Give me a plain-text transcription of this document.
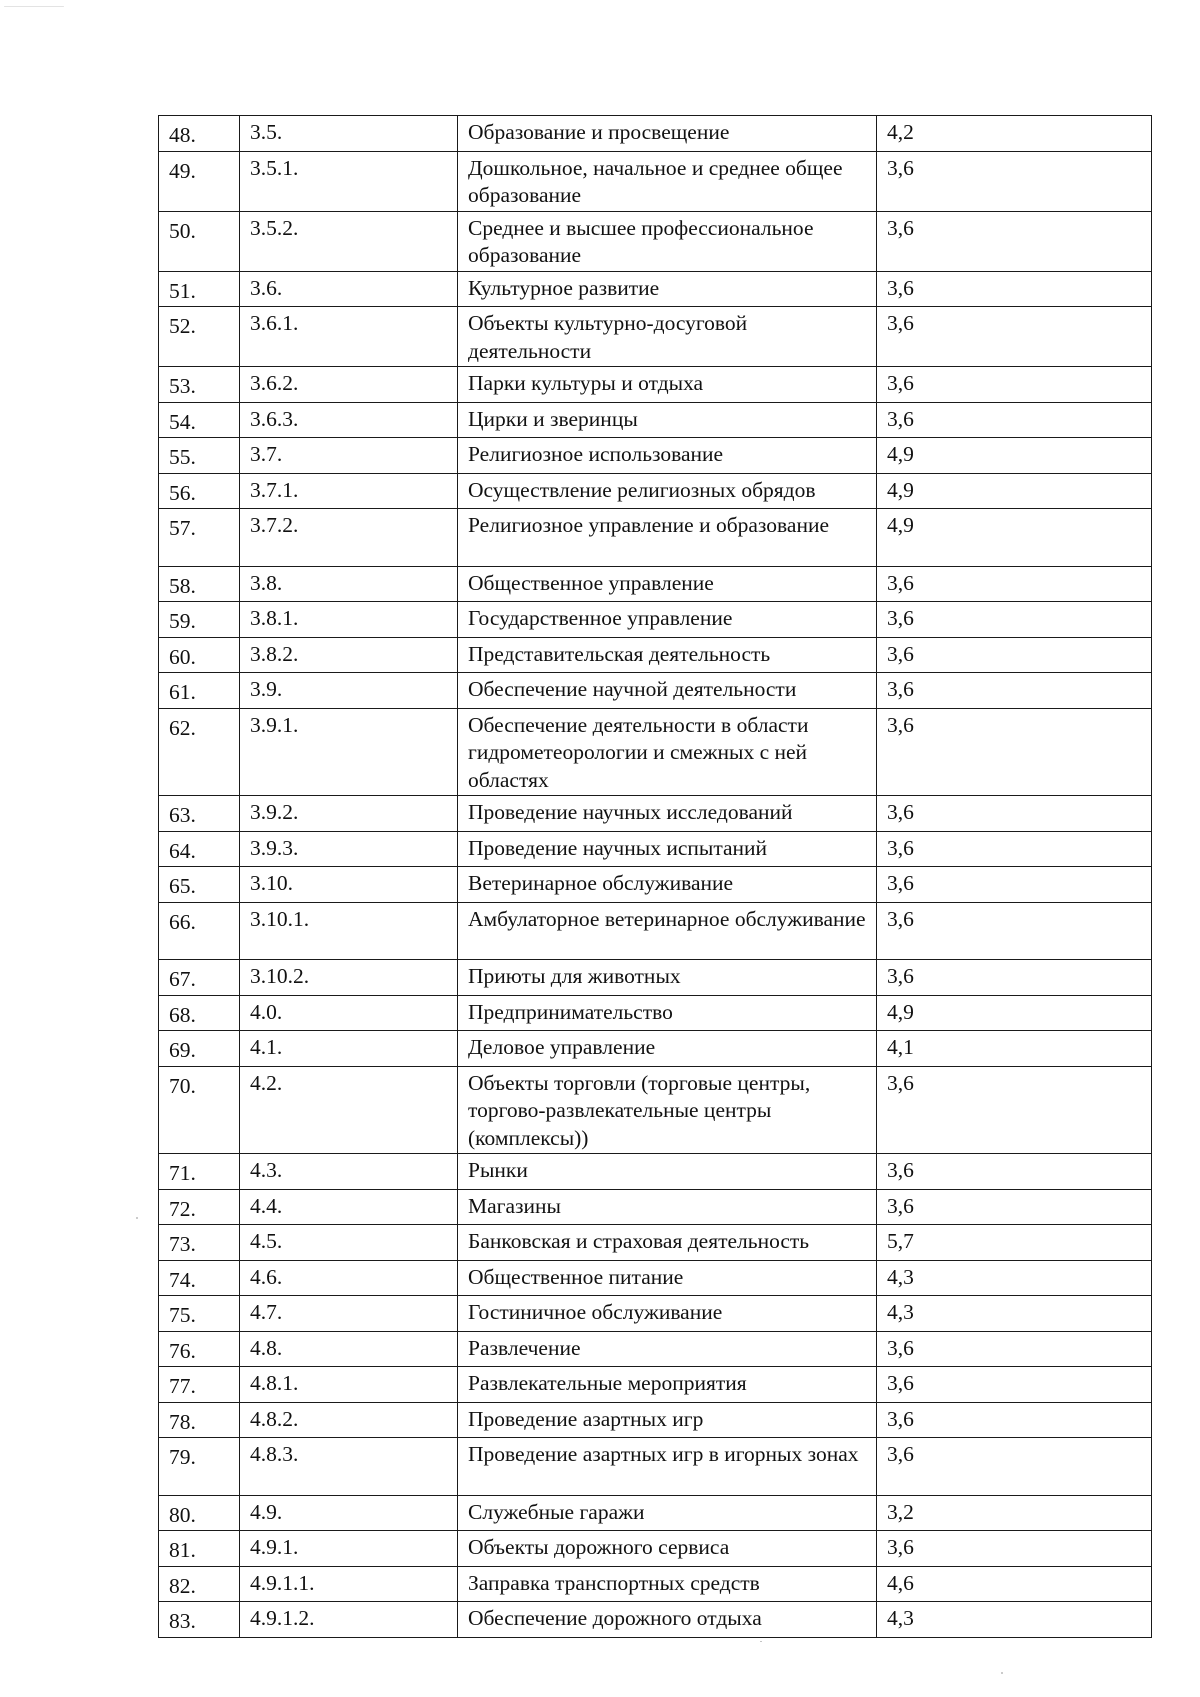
48.	3.5.	Образование и просвещение	4,2
49.	3.5.1.	Дошкольное, начальное и среднее общее образование	3,6
50.	3.5.2.	Среднее и высшее профессиональное образование	3,6
51.	3.6.	Культурное развитие	3,6
52.	3.6.1.	Объекты культурно-досуговой деятельности	3,6
53.	3.6.2.	Парки культуры и отдыха	3,6
54.	3.6.3.	Цирки и зверинцы	3,6
55.	3.7.	Религиозное использование	4,9
56.	3.7.1.	Осуществление религиозных обрядов	4,9
57.	3.7.2.	Религиозное управление и образование	4,9
58.	3.8.	Общественное управление	3,6
59.	3.8.1.	Государственное управление	3,6
60.	3.8.2.	Представительская деятельность	3,6
61.	3.9.	Обеспечение научной деятельности	3,6
62.	3.9.1.	Обеспечение деятельности в области гидрометеорологии и смежных с ней областях	3,6
63.	3.9.2.	Проведение научных исследований	3,6
64.	3.9.3.	Проведение научных испытаний	3,6
65.	3.10.	Ветеринарное обслуживание	3,6
66.	3.10.1.	Амбулаторное ветеринарное обслуживание	3,6
67.	3.10.2.	Приюты для животных	3,6
68.	4.0.	Предпринимательство	4,9
69.	4.1.	Деловое управление	4,1
70.	4.2.	Объекты торговли (торговые центры, торгово-развлекательные центры (комплексы))	3,6
71.	4.3.	Рынки	3,6
72.	4.4.	Магазины	3,6
73.	4.5.	Банковская и страховая деятельность	5,7
74.	4.6.	Общественное питание	4,3
75.	4.7.	Гостиничное обслуживание	4,3
76.	4.8.	Развлечение	3,6
77.	4.8.1.	Развлекательные мероприятия	3,6
78.	4.8.2.	Проведение азартных игр	3,6
79.	4.8.3.	Проведение азартных игр в игорных зонах	3,6
80.	4.9.	Служебные гаражи	3,2
81.	4.9.1.	Объекты дорожного сервиса	3,6
82.	4.9.1.1.	Заправка транспортных средств	4,6
83.	4.9.1.2.	Обеспечение дорожного отдыха	4,3
